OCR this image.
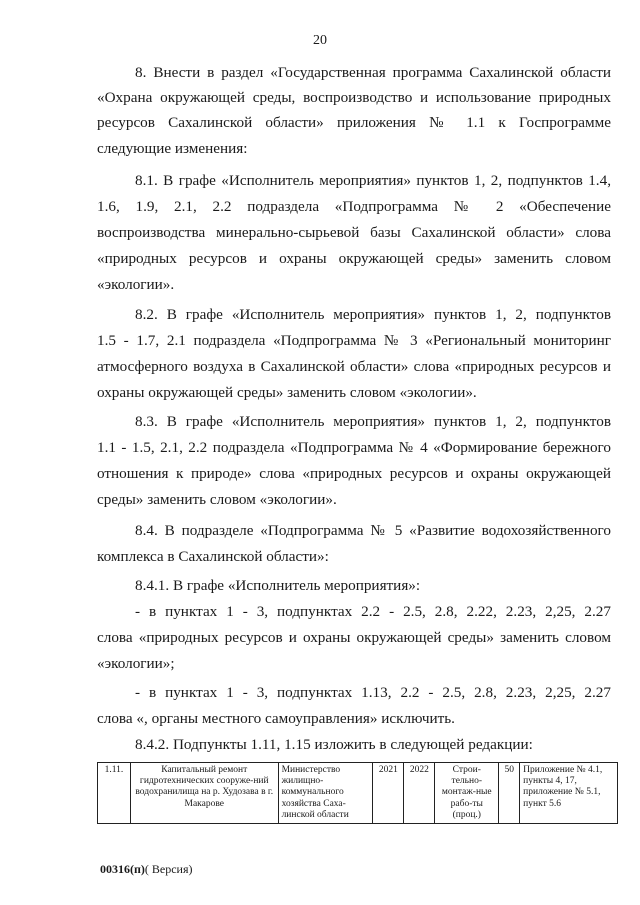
20
8. Внести в раздел «Государственная программа Сахалинской области
«Охрана окружающей среды, воспроизводство и использование природных
ресурсов Сахалинской области» приложения № 1.1 к Госпрограмме
следующие изменения:
8.1. В графе «Исполнитель мероприятия» пунктов 1, 2, подпунктов 1.4,
1.6, 1.9, 2.1, 2.2 подраздела «Подпрограмма № 2 «Обеспечение
воспроизводства минерально-сырьевой базы Сахалинской области» слова
«природных ресурсов и охраны окружающей среды» заменить словом
«экологии».
8.2. В графе «Исполнитель мероприятия» пунктов 1, 2, подпунктов
1.5 - 1.7, 2.1 подраздела «Подпрограмма № 3 «Региональный мониторинг
атмосферного воздуха в Сахалинской области» слова «природных ресурсов и
охраны окружающей среды» заменить словом «экологии».
8.3. В графе «Исполнитель мероприятия» пунктов 1, 2, подпунктов
1.1 - 1.5, 2.1, 2.2 подраздела «Подпрограмма № 4 «Формирование бережного
отношения к природе» слова «природных ресурсов и охраны окружающей
среды» заменить словом «экологии».
8.4. В подразделе «Подпрограмма № 5 «Развитие водохозяйственного
комплекса в Сахалинской области»:
8.4.1. В графе «Исполнитель мероприятия»:
- в пунктах 1 - 3, подпунктах 2.2 - 2.5, 2.8, 2.22, 2.23, 2,25, 2.27
слова «природных ресурсов и охраны окружающей среды» заменить словом
«экологии»;
- в пунктах 1 - 3, подпунктах 1.13, 2.2 - 2.5, 2.8, 2.23, 2,25, 2.27
слова «, органы местного самоуправления» исключить.
8.4.2. Подпункты 1.11, 1.15 изложить в следующей редакции:
1.11.	Капитальный ремонт гидротехнических сооруже-ний водохранилища на р. Худозава в г. Макарове	Министерство жилищно-коммунального хозяйства Саха-линской области	2021	2022	Строи-тельно-монтаж-ные рабо-ты (проц.)	50	Приложение № 4.1, пункты 4, 17, приложение № 5.1, пункт 5.6
00316(п)( Версия)
